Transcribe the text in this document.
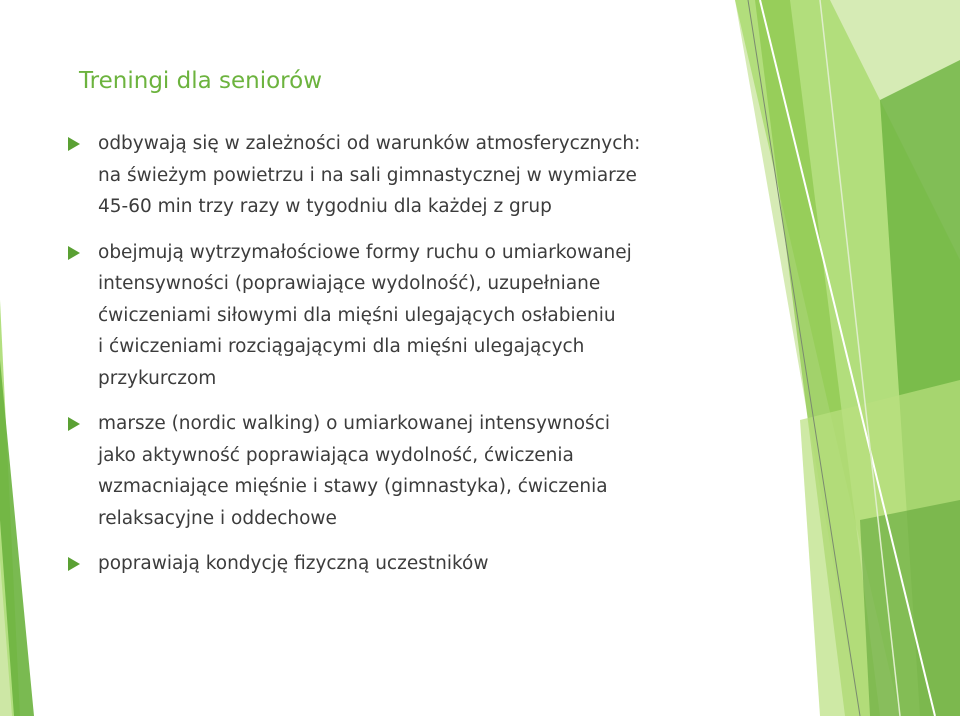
Treningi dla seniorów
odbywają się w zależności od warunków atmosferycznych:
na świeżym powietrzu i na sali gimnastycznej w wymiarze
45-60 min trzy razy w tygodniu dla każdej z grup
obejmują wytrzymałościowe formy ruchu o umiarkowanej
intensywności (poprawiające wydolność), uzupełniane
ćwiczeniami siłowymi dla mięśni ulegających osłabieniu
i ćwiczeniami rozciągającymi dla mięśni ulegających
przykurczom
marsze (nordic walking) o umiarkowanej intensywności
jako aktywność poprawiająca wydolność, ćwiczenia
wzmacniające mięśnie i stawy (gimnastyka), ćwiczenia
relaksacyjne i oddechowe
poprawiają kondycję fizyczną uczestników
